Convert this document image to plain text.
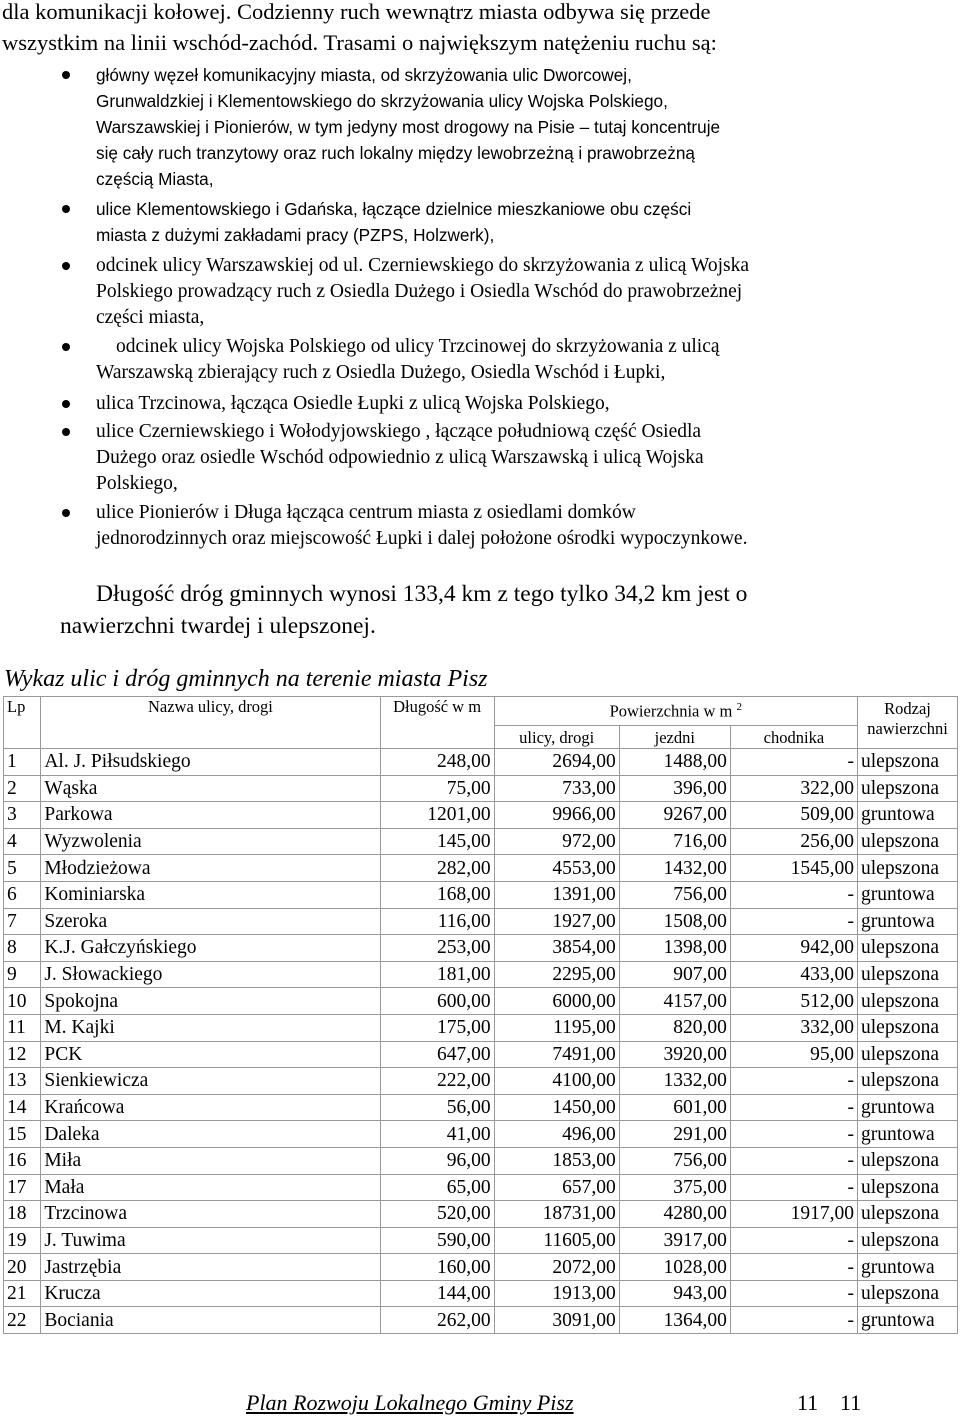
dla komunikacji kołowej. Codzienny ruch wewnątrz miasta odbywa się przede
wszystkim na linii wschód-zachód. Trasami o największym natężeniu ruchu są:
główny węzeł komunikacyjny miasta, od skrzyżowania ulic Dworcowej,
Grunwaldzkiej i Klementowskiego do skrzyżowania ulicy Wojska Polskiego,
Warszawskiej i Pionierów, w tym jedyny most drogowy na Pisie – tutaj koncentruje
się cały ruch tranzytowy oraz ruch lokalny między lewobrzeżną i prawobrzeżną
częścią Miasta,
ulice Klementowskiego i Gdańska, łączące dzielnice mieszkaniowe obu części
miasta z dużymi zakładami pracy (PZPS, Holzwerk),
odcinek ulicy Warszawskiej od ul. Czerniewskiego do skrzyżowania z ulicą Wojska
Polskiego prowadzący ruch z Osiedla Dużego i Osiedla Wschód do prawobrzeżnej
części miasta,
odcinek ulicy Wojska Polskiego od ulicy Trzcinowej do skrzyżowania z ulicą
Warszawską zbierający ruch z Osiedla Dużego, Osiedla Wschód i Łupki,
ulica Trzcinowa, łącząca Osiedle Łupki z ulicą Wojska Polskiego,
ulice Czerniewskiego i Wołodyjowskiego , łączące południową część Osiedla
Dużego oraz osiedle Wschód odpowiednio z ulicą Warszawską i ulicą Wojska
Polskiego,
ulice Pionierów i Długa łącząca centrum miasta z osiedlami domków
jednorodzinnych oraz miejscowość Łupki i dalej położone ośrodki wypoczynkowe.
Długość dróg gminnych wynosi 133,4 km z tego tylko 34,2 km jest o
nawierzchni twardej i ulepszonej.
Wykaz ulic i dróg gminnych na terenie miasta Pisz
Lp	Nazwa ulicy, drogi	Długość w m	Powierzchnia w m $^2$			Rodzaj nawierzchni
			ulicy, drogi	jezdni	chodnika	
1	Al. J. Piłsudskiego	248,00	2694,00	1488,00	-	ulepszona
2	Wąska	75,00	733,00	396,00	322,00	ulepszona
3	Parkowa	1201,00	9966,00	9267,00	509,00	gruntowa
4	Wyzwolenia	145,00	972,00	716,00	256,00	ulepszona
5	Młodzieżowa	282,00	4553,00	1432,00	1545,00	ulepszona
6	Kominiarska	168,00	1391,00	756,00	-	gruntowa
7	Szeroka	116,00	1927,00	1508,00	-	gruntowa
8	K.J. Gałczyńskiego	253,00	3854,00	1398,00	942,00	ulepszona
9	J. Słowackiego	181,00	2295,00	907,00	433,00	ulepszona
10	Spokojna	600,00	6000,00	4157,00	512,00	ulepszona
11	M. Kajki	175,00	1195,00	820,00	332,00	ulepszona
12	PCK	647,00	7491,00	3920,00	95,00	ulepszona
13	Sienkiewicza	222,00	4100,00	1332,00	-	ulepszona
14	Krańcowa	56,00	1450,00	601,00	-	gruntowa
15	Daleka	41,00	496,00	291,00	-	gruntowa
16	Miła	96,00	1853,00	756,00	-	ulepszona
17	Mała	65,00	657,00	375,00	-	ulepszona
18	Trzcinowa	520,00	18731,00	4280,00	1917,00	ulepszona
19	J. Tuwima	590,00	11605,00	3917,00	-	ulepszona
20	Jastrzębia	160,00	2072,00	1028,00	-	gruntowa
21	Krucza	144,00	1913,00	943,00	-	ulepszona
22	Bociania	262,00	3091,00	1364,00	-	gruntowa
Plan Rozwoju Lokalnego Gminy Pisz	11 11
